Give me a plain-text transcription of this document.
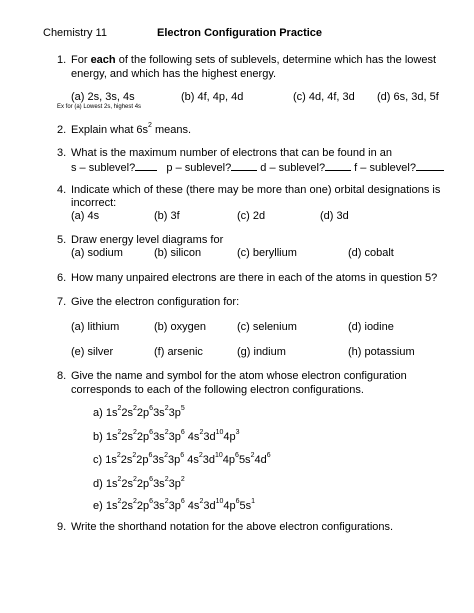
Chemistry 11	Electron Configuration Practice
1. For each of the following sets of sublevels, determine which has the lowest
energy, and which has the highest energy.
(a) 2s, 3s, 4s	(b) 4f, 4p, 4d	(c) 4d, 4f, 3d (d) 6s, 3d, 5f
Ex for (a) Lowest 2s, highest 4s
2. Explain what $6s^2$ means.
3. What is the maximum number of electrons that can be found in an
s – sublevel?	p – sublevel?	d – sublevel?	f – sublevel?
4. Indicate which of these (there may be more than one) orbital designations is
incorrect:
(a) 4s	(b) 3f	(c) 2d	(d) 3d
5. Draw energy level diagrams for
(a) sodium	(b) silicon	(c) beryllium	(d) cobalt
6. How many unpaired electrons are there in each of the atoms in question 5?
7. Give the electron configuration for:
(a) lithium	(b) oxygen	(c) selenium	(d) iodine
(e) silver	(f) arsenic	(g) indium	(h) potassium
8. Give the name and symbol for the atom whose electron configuration
corresponds to each of the following electron configurations.
a) $1s^22s^22p^63s^23p^5$
b) $1s^22s^22p^63s^23p^6$ $4s^23d^{10}4p^3$
c) $1s^22s^22p^63s^23p^6$ $4s^23d^{10}4p^65s^24d^6$
d) $1s^22s^22p^63s^23p^2$
e) $1s^22s^22p^63s^23p^6$ $4s^23d^{10}4p^65s^1$
9. Write the shorthand notation for the above electron configurations.
